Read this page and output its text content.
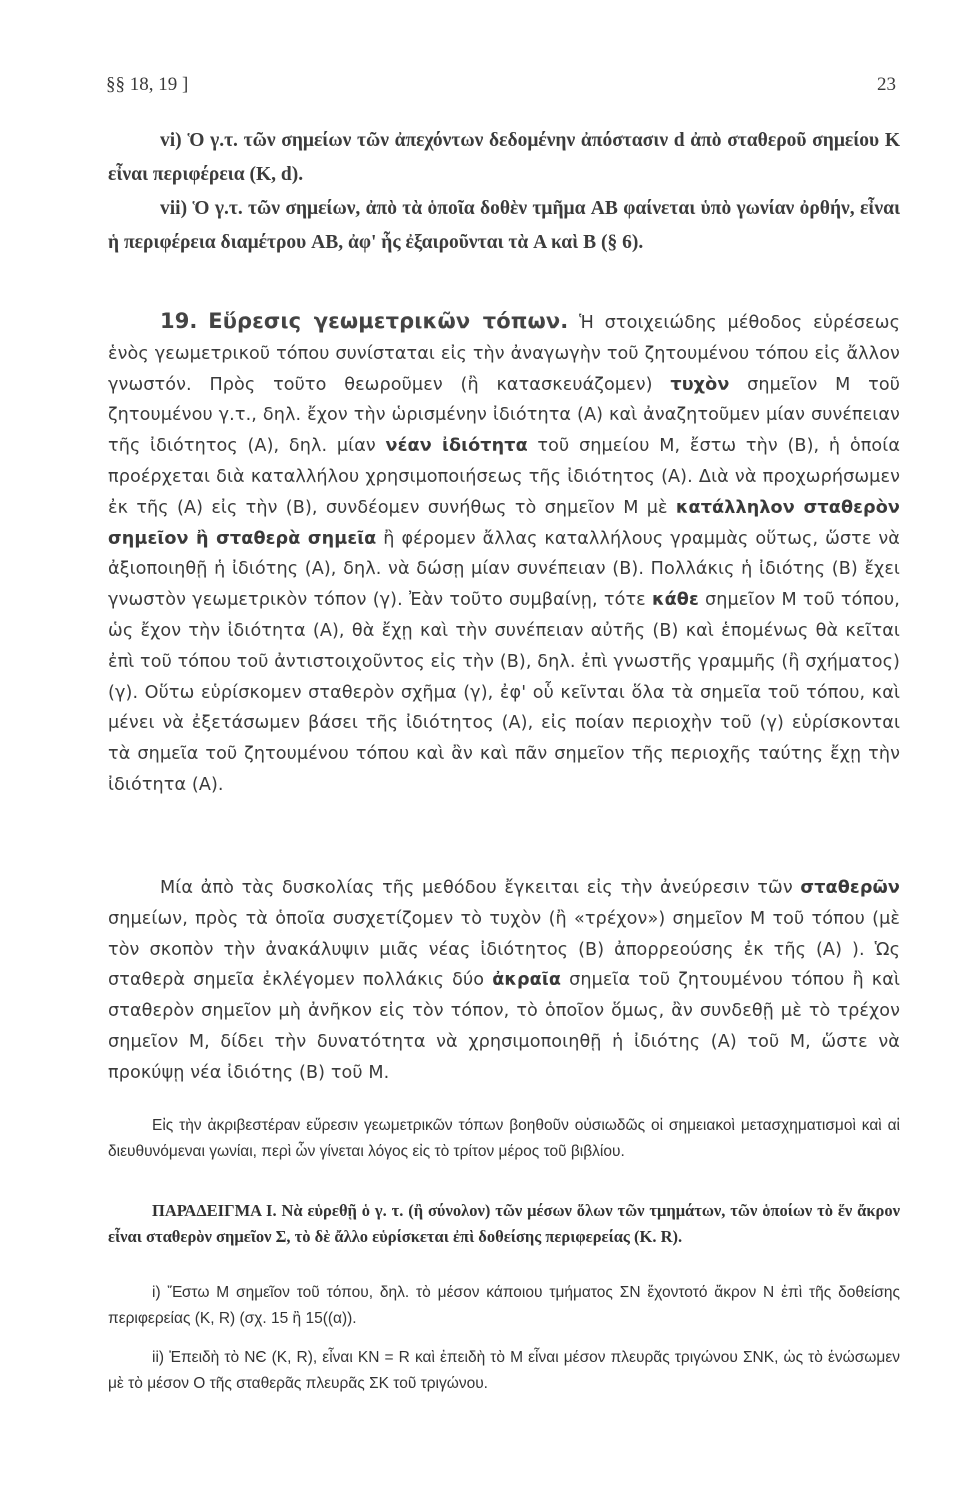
§§ 18, 19 ]	23
vi) Ὁ γ.τ. τῶν σημείων τῶν ἀπεχόντων δεδομένην ἀπόστασιν d ἀπὸ σταθεροῦ σημείου K εἶναι περιφέρεια (K, d).
vii) Ὁ γ.τ. τῶν σημείων, ἀπὸ τὰ ὁποῖα δοθὲν τμῆμα AB φαίνεται ὑπὸ γωνίαν ὀρθήν, εἶναι ἡ περιφέρεια διαμέτρου AB, ἀφ' ἧς ἐξαιροῦνται τὰ A καὶ B (§ 6).
19. Εὕρεσις γεωμετρικῶν τόπων. Ἡ στοιχειώδης μέθοδος εὑρέσεως ἑνὸς γεωμετρικοῦ τόπου συνίσταται εἰς τὴν ἀναγωγὴν τοῦ ζητουμένου τόπου εἰς ἄλλον γνωστόν. Πρὸς τοῦτο θεωροῦμεν (ἢ κατασκευάζομεν) τυχὸν σημεῖον M τοῦ ζητουμένου γ.τ., δηλ. ἔχον τὴν ὡρισμένην ἰδιότητα (A) καὶ ἀναζητοῦμεν μίαν συνέπειαν τῆς ἰδιότητος (A), δηλ. μίαν νέαν ἰδιότητα τοῦ σημείου M, ἔστω τὴν (B), ἡ ὁποία προέρχεται διὰ καταλλήλου χρησιμοποιήσεως τῆς ἰδιότητος (A). Διὰ νὰ προχωρήσωμεν ἐκ τῆς (A) εἰς τὴν (B), συνδέομεν συνήθως τὸ σημεῖον M μὲ κατάλληλον σταθερὸν σημεῖον ἢ σταθερὰ σημεῖα ἢ φέρομεν ἄλλας καταλλήλους γραμμὰς οὕτως, ὥστε νὰ ἀξιοποιηθῇ ἡ ἰδιότης (A), δηλ. νὰ δώσῃ μίαν συνέπειαν (B). Πολλάκις ἡ ἰδιότης (B) ἔχει γνωστὸν γεωμετρικὸν τόπον (γ). Ἐὰν τοῦτο συμβαίνῃ, τότε κάθε σημεῖον M τοῦ τόπου, ὡς ἔχον τὴν ἰδιότητα (A), θὰ ἔχῃ καὶ τὴν συνέπειαν αὐτῆς (B) καὶ ἑπομένως θὰ κεῖται ἐπὶ τοῦ τόπου τοῦ ἀντιστοιχοῦντος εἰς τὴν (B), δηλ. ἐπὶ γνωστῆς γραμμῆς (ἢ σχήματος) (γ). Οὕτω εὑρίσκομεν σταθερὸν σχῆμα (γ), ἐφ' οὗ κεῖνται ὅλα τὰ σημεῖα τοῦ τόπου, καὶ μένει νὰ ἐξετάσωμεν βάσει τῆς ἰδιότητος (A), εἰς ποίαν περιοχὴν τοῦ (γ) εὑρίσκονται τὰ σημεῖα τοῦ ζητουμένου τόπου καὶ ἂν καὶ πᾶν σημεῖον τῆς περιοχῆς ταύτης ἔχῃ τὴν ἰδιότητα (A).
Μία ἀπὸ τὰς δυσκολίας τῆς μεθόδου ἔγκειται εἰς τὴν ἀνεύρεσιν τῶν σταθερῶν σημείων, πρὸς τὰ ὁποῖα συσχετίζομεν τὸ τυχὸν (ἢ «τρέχον») σημεῖον M τοῦ τόπου (μὲ τὸν σκοπὸν τὴν ἀνακάλυψιν μιᾶς νέας ἰδιότητος (B) ἀπορρεούσης ἐκ τῆς (A) ). Ὡς σταθερὰ σημεῖα ἐκλέγομεν πολλάκις δύο ἀκραῖα σημεῖα τοῦ ζητουμένου τόπου ἢ καὶ σταθερὸν σημεῖον μὴ ἀνῆκον εἰς τὸν τόπον, τὸ ὁποῖον ὅμως, ἂν συνδεθῇ μὲ τὸ τρέχον σημεῖον M, δίδει τὴν δυνατότητα νὰ χρησιμοποιηθῇ ἡ ἰδιότης (A) τοῦ M, ὥστε νὰ προκύψῃ νέα ἰδιότης (B) τοῦ M.
Εἰς τὴν ἀκριβεστέραν εὕρεσιν γεωμετρικῶν τόπων βοηθοῦν οὐσιωδῶς οἱ σημειακοὶ μετασχηματισμοὶ καὶ αἱ διευθυνόμεναι γωνίαι, περὶ ὧν γίνεται λόγος εἰς τὸ τρίτον μέρος τοῦ βιβλίου.
ΠΑΡΑΔΕΙΓΜΑ I. Νὰ εὑρεθῇ ὁ γ. τ. (ἢ σύνολον) τῶν μέσων ὅλων τῶν τμημάτων, τῶν ὁποίων τὸ ἕν ἄκρον εἶναι σταθερὸν σημεῖον Σ, τὸ δὲ ἄλλο εὑρίσκεται ἐπὶ δοθείσης περιφερείας (K. R).
i) Ἔστω M σημεῖον τοῦ τόπου, δηλ. τὸ μέσον κάποιου τμήματος ΣN ἔχοντοτό ἄκρον N ἐπὶ τῆς δοθείσης περιφερείας (K, R) (σχ. 15 ἢ 15((α)).
ii) Ἐπειδὴ τὸ NЄ (K, R), εἶναι KN = R καὶ ἐπειδὴ τὸ M εἶναι μέσον πλευρᾶς τριγώνου ΣNK, ὡς τὸ ἑνώσωμεν μὲ τὸ μέσον O τῆς σταθερᾶς πλευρᾶς ΣK τοῦ τριγώνου.
